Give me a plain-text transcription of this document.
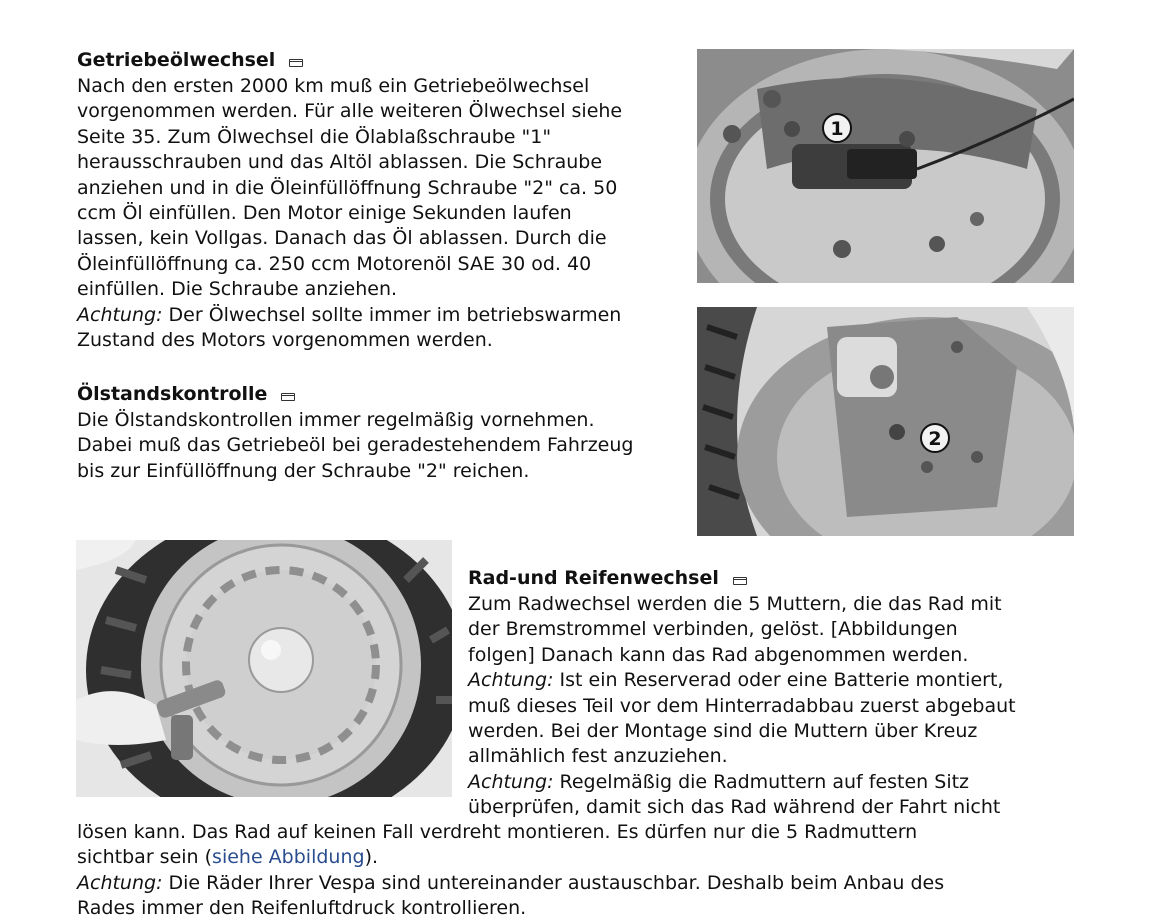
Getriebeölwechsel
Nach den ersten 2000 km muß ein Getriebeölwechsel
vorgenommen werden. Für alle weiteren Ölwechsel siehe
Seite 35. Zum Ölwechsel die Ölablaßschraube "1"
herausschrauben und das Altöl ablassen. Die Schraube
anziehen und in die Öleinfüllöffnung Schraube "2" ca. 50
ccm Öl einfüllen. Den Motor einige Sekunden laufen
lassen, kein Vollgas. Danach das Öl ablassen. Durch die
Öleinfüllöffnung ca. 250 ccm Motorenöl SAE 30 od. 40
einfüllen. Die Schraube anziehen.
Achtung: Der Ölwechsel sollte immer im betriebswarmen
Zustand des Motors vorgenommen werden.
Ölstandskontrolle
Die Ölstandskontrollen immer regelmäßig vornehmen.
Dabei muß das Getriebeöl bei geradestehendem Fahrzeug
bis zur Einfüllöffnung der Schraube "2" reichen.
1
2
Rad-und Reifenwechsel
Zum Radwechsel werden die 5 Muttern, die das Rad mit
der Bremstrommel verbinden, gelöst. [Abbildungen
folgen] Danach kann das Rad abgenommen werden.
Achtung: Ist ein Reserverad oder eine Batterie montiert,
muß dieses Teil vor dem Hinterradabbau zuerst abgebaut
werden. Bei der Montage sind die Muttern über Kreuz
allmählich fest anzuziehen.
Achtung: Regelmäßig die Radmuttern auf festen Sitz
überprüfen, damit sich das Rad während der Fahrt nicht
lösen kann. Das Rad auf keinen Fall verdreht montieren. Es dürfen nur die 5 Radmuttern
sichtbar sein (siehe Abbildung).
Achtung: Die Räder Ihrer Vespa sind untereinander austauschbar. Deshalb beim Anbau des
Rades immer den Reifenluftdruck kontrollieren.
